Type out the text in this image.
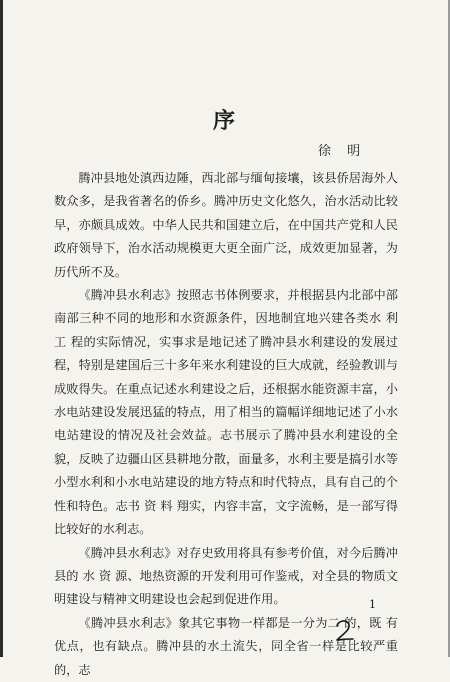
序
徐 明

腾冲县地处滇西边陲，西北部与缅甸接壤，该县侨居海外人数众多，是我省著名的侨乡。腾冲历史文化悠久，治水活动比较早，亦颇具成效。中华人民共和国建立后，在中国共产党和人民政府领导下，治水活动规模更大更全面广泛，成效更加显著，为历代所不及。

《腾冲县水利志》按照志书体例要求，并根据县内北部中部南部三种不同的地形和水资源条件，因地制宜地兴建各类水 利 工 程的实际情况，实事求是地记述了腾冲县水利建设的发展过程，特别是建国后三十多年来水利建设的巨大成就，经验教训与成败得失。在重点记述水利建设之后，还根据水能资源丰富，小水电站建设发展迅猛的特点，用了相当的篇幅详细地记述了小水电站建设的情况及社会效益。志书展示了腾冲县水利建设的全貌，反映了边疆山区县耕地分散，面量多，水利主要是搞引水等小型水利和小水电站建设的地方特点和时代特点，具有自己的个性和特色。志书 资 料 翔实，内容丰富，文字流畅，是一部写得比较好的水利志。

《腾冲县水利志》对存史致用将具有参考价值，对今后腾冲县的 水 资 源、地热资源的开发利用可作鉴戒，对全县的物质文明建设与精神文明建设也会起到促进作用。

《腾冲县水利志》象其它事物一样都是一分为二 的，既 有 优点，也有缺点。腾冲县的水土流失，同全省一样是比较严重的，志

1
